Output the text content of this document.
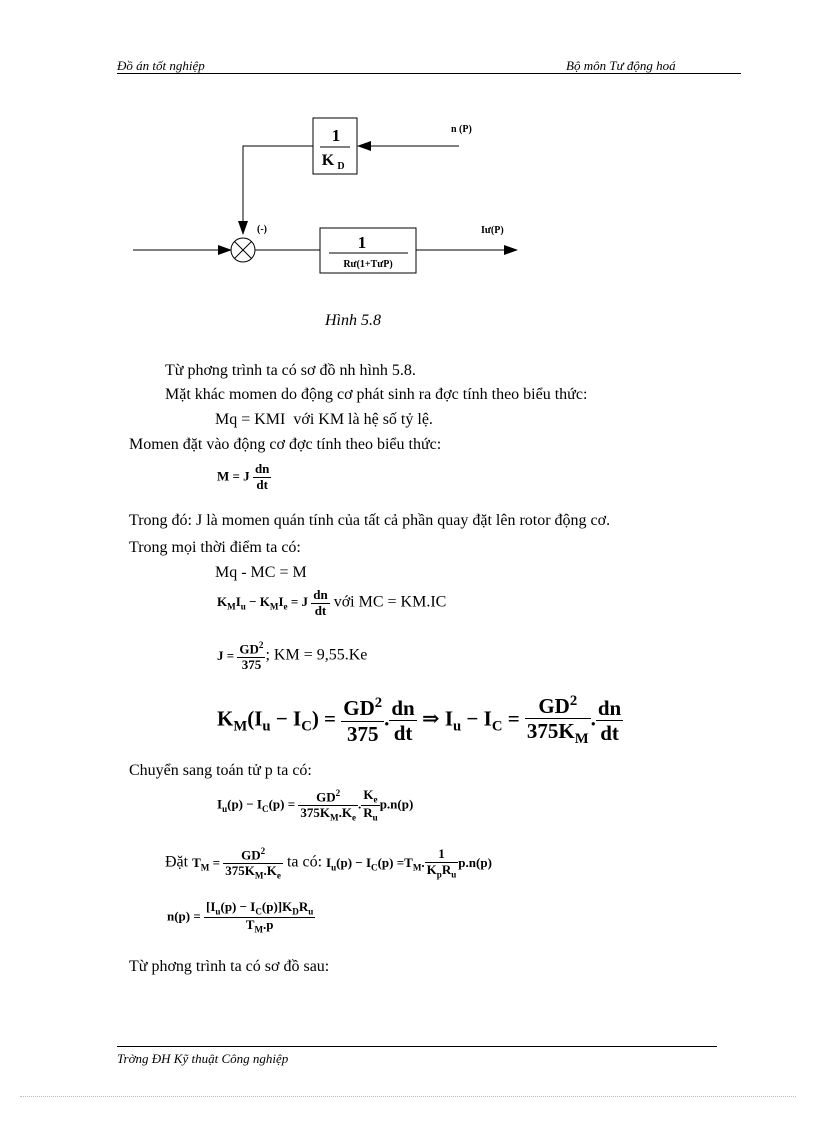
Đồ án tốt nghiệp	Bộ môn Tư động hoá
1
K D
n (P)
(-)
1
Rư(1+TưP)
Iư(P)
Hình 5.8
Từ phơng trình ta có sơ đồ nh hình 5.8.
Mặt khác momen do động cơ phát sinh ra đợc tính theo biểu thức:
Mq = KMI với KM là hệ số tỷ lệ.
Momen đặt vào động cơ đợc tính theo biểu thức:
M = J $\frac{dn}{dt}$
Trong đó: J là momen quán tính của tất cả phần quay đặt lên rotor động cơ.
Trong mọi thời điểm ta có:
Mq - MC = M
$K_MI_u - K_MI_e = J \frac{dn}{dt}$ với MC = KM.IC
$J = \frac{GD^2}{375}$ ; KM = 9,55.Ke
$K_M(I_u - I_C) = \frac{GD^2}{375}$ . $\frac{dn}{dt}$ ⇒ $I_u - I_C = \frac{GD^2}{375K_M}$ . $\frac{dn}{dt}$
Chuyển sang toán tử p ta có:
$I_u(p) - I_C(p) = \frac{GD^2}{375K_M.K_e}$ . $\frac{K_e}{R_u} p.n(p)$
Đặt $T_M = \frac{GD^2}{375K_M.K_e}$ ta có: $I_u(p) - I_C(p) =T_M$. $\frac{1}{K_pR_u} p.n(p)$
$n(p) = \frac{[I_u(p) - I_C(p)]K_DR_u}{T_M.p}$
Từ phơng trình ta có sơ đồ sau:
Trờng ĐH Kỹ thuật Công nghiệp
